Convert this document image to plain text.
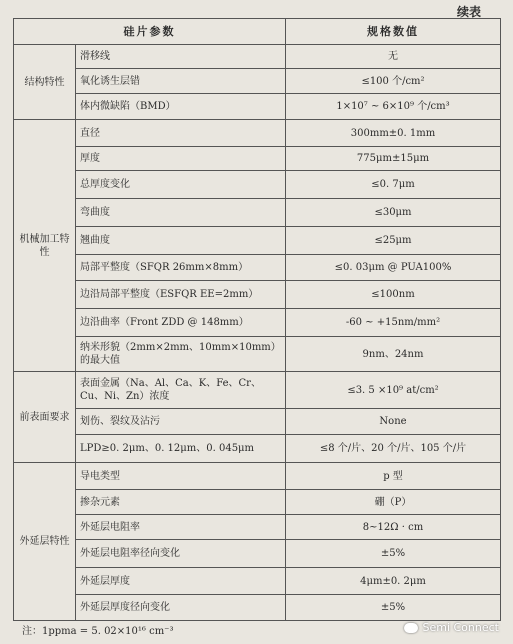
续表
硅片参数		规格数值
结构特性	滑移线	无
	氧化诱生层错	≤100 个/cm²
	体内微缺陷（BMD）	1×10⁷ ~ 6×10⁹ 个/cm³
机械加工特性	直径	300mm±0. 1mm
	厚度	775μm±15μm
	总厚度变化	≤0. 7μm
	弯曲度	≤30μm
	翘曲度	≤25μm
	局部平整度（SFQR 26mm×8mm）	≤0. 03μm @ PUA100%
	边沿局部平整度（ESFQR EE=2mm）	≤100nm
	边沿曲率（Front ZDD @ 148mm）	-60 ~ +15nm/mm²
	纳米形貌（2mm×2mm、10mm×10mm）的最大值	9nm、24nm
前表面要求	表面金属（Na、Al、Ca、K、Fe、Cr、Cu、Ni、Zn）浓度	≤3. 5 ×10⁹ at/cm²
	划伤、裂纹及沾污	None
	LPD≥0. 2μm、0. 12μm、0. 045μm	≤8 个/片、20 个/片、105 个/片
外延层特性	导电类型	p 型
	掺杂元素	硼（P）
	外延层电阻率	8~12Ω · cm
	外延层电阻率径向变化	±5%
	外延层厚度	4μm±0. 2μm
	外延层厚度径向变化	±5%
注：1ppma = 5. 02×10¹⁶ cm⁻³	Semi Connect
